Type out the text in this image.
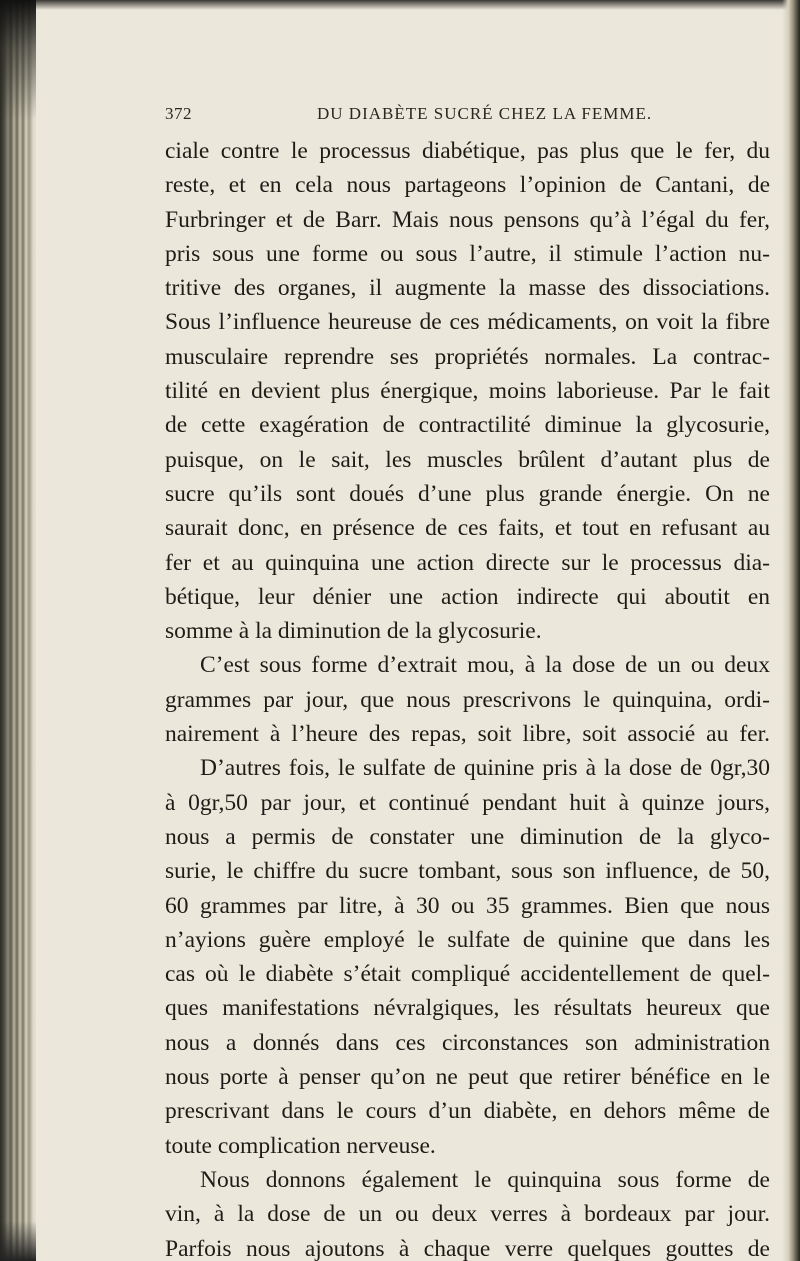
372	DU DIABÈTE SUCRÉ CHEZ LA FEMME.
ciale contre le processus diabétique, pas plus que le fer, du
reste, et en cela nous partageons l’opinion de Cantani, de
Furbringer et de Barr. Mais nous pensons qu’à l’égal du fer,
pris sous une forme ou sous l’autre, il stimule l’action nu-
tritive des organes, il augmente la masse des dissociations.
Sous l’influence heureuse de ces médicaments, on voit la fibre
musculaire reprendre ses propriétés normales. La contrac-
tilité en devient plus énergique, moins laborieuse. Par le fait
de cette exagération de contractilité diminue la glycosurie,
puisque, on le sait, les muscles brûlent d’autant plus de
sucre qu’ils sont doués d’une plus grande énergie. On ne
saurait donc, en présence de ces faits, et tout en refusant au
fer et au quinquina une action directe sur le processus dia-
bétique, leur dénier une action indirecte qui aboutit en
somme à la diminution de la glycosurie.
C’est sous forme d’extrait mou, à la dose de un ou deux
grammes par jour, que nous prescrivons le quinquina, ordi-
nairement à l’heure des repas, soit libre, soit associé au fer.
D’autres fois, le sulfate de quinine pris à la dose de 0gr,30
à 0gr,50 par jour, et continué pendant huit à quinze jours,
nous a permis de constater une diminution de la glyco-
surie, le chiffre du sucre tombant, sous son influence, de 50,
60 grammes par litre, à 30 ou 35 grammes. Bien que nous
n’ayions guère employé le sulfate de quinine que dans les
cas où le diabète s’était compliqué accidentellement de quel-
ques manifestations névralgiques, les résultats heureux que
nous a donnés dans ces circonstances son administration
nous porte à penser qu’on ne peut que retirer bénéfice en le
prescrivant dans le cours d’un diabète, en dehors même de
toute complication nerveuse.
Nous donnons également le quinquina sous forme de
vin, à la dose de un ou deux verres à bordeaux par jour.
Parfois nous ajoutons à chaque verre quelques gouttes de
